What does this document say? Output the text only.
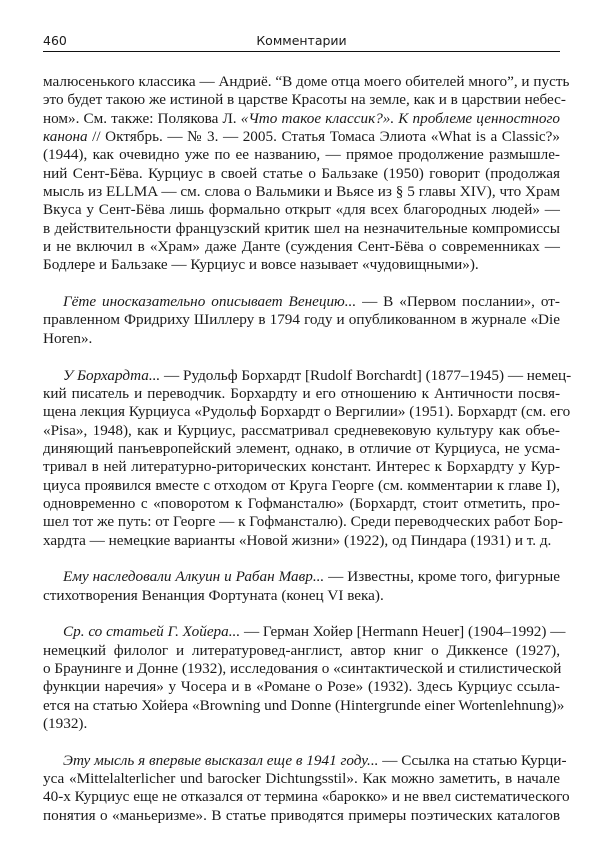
460	Комментарии
малюсенького классика — Андриё. “В доме отца моего обителей много”, и пусть
это будет такою же истиной в царстве Красоты на земле, как и в царствии небес-
ном». См. также: Полякова Л. «Что такое классик?». К проблеме ценностного
канона // Октябрь. — № 3. — 2005. Статья Томаса Элиота «What is a Classic?»
(1944), как очевидно уже по ее названию, — прямое продолжение размышле-
ний Сент-Бёва. Курциус в своей статье о Бальзаке (1950) говорит (продолжая
мысль из ELLMA — см. слова о Вальмики и Вьясе из § 5 главы XIV), что Храм
Вкуса у Сент-Бёва лишь формально открыт «для всех благородных людей» —
в действительности французский критик шел на незначительные компромиссы
и не включил в «Храм» даже Данте (суждения Сент-Бёва о современниках —
Бодлере и Бальзаке — Курциус и вовсе называет «чудовищными»).
Гёте иносказательно описывает Венецию... — В «Первом послании», от-
правленном Фридриху Шиллеру в 1794 году и опубликованном в журнале «Die
Horen».
У Борхардта... — Рудольф Борхардт [Rudolf Borchardt] (1877–1945) — немец-
кий писатель и переводчик. Борхардту и его отношению к Античности посвя-
щена лекция Курциуса «Рудольф Борхардт о Вергилии» (1951). Борхардт (см. его
«Pisa», 1948), как и Курциус, рассматривал средневековую культуру как объе-
диняющий панъевропейский элемент, однако, в отличие от Курциуса, не усма-
тривал в ней литературно-риторических констант. Интерес к Борхардту у Кур-
циуса проявился вместе с отходом от Круга Георге (см. комментарии к главе I),
одновременно с «поворотом к Гофмансталю» (Борхардт, стоит отметить, про-
шел тот же путь: от Георге — к Гофмансталю). Среди переводческих работ Бор-
хардта — немецкие варианты «Новой жизни» (1922), од Пиндара (1931) и т. д.
Ему наследовали Алкуин и Рабан Мавр... — Известны, кроме того, фигурные
стихотворения Венанция Фортуната (конец VI века).
Ср. со статьей Г. Хойера... — Герман Хойер [Hermann Heuer] (1904–1992) —
немецкий филолог и литературовед-англист, автор книг о Диккенсе (1927),
о Браунинге и Донне (1932), исследования о «синтактической и стилистической
функции наречия» у Чосера и в «Романе о Розе» (1932). Здесь Курциус ссыла-
ется на статью Хойера «Browning und Donne (Hintergrunde einer Wortenlehnung)»
(1932).
Эту мысль я впервые высказал еще в 1941 году... — Ссылка на статью Курци-
уса «Mittelalterlicher und barocker Dichtungsstil». Как можно заметить, в начале
40-х Курциус еще не отказался от термина «барокко» и не ввел систематического
понятия о «маньеризме». В статье приводятся примеры поэтических каталогов
